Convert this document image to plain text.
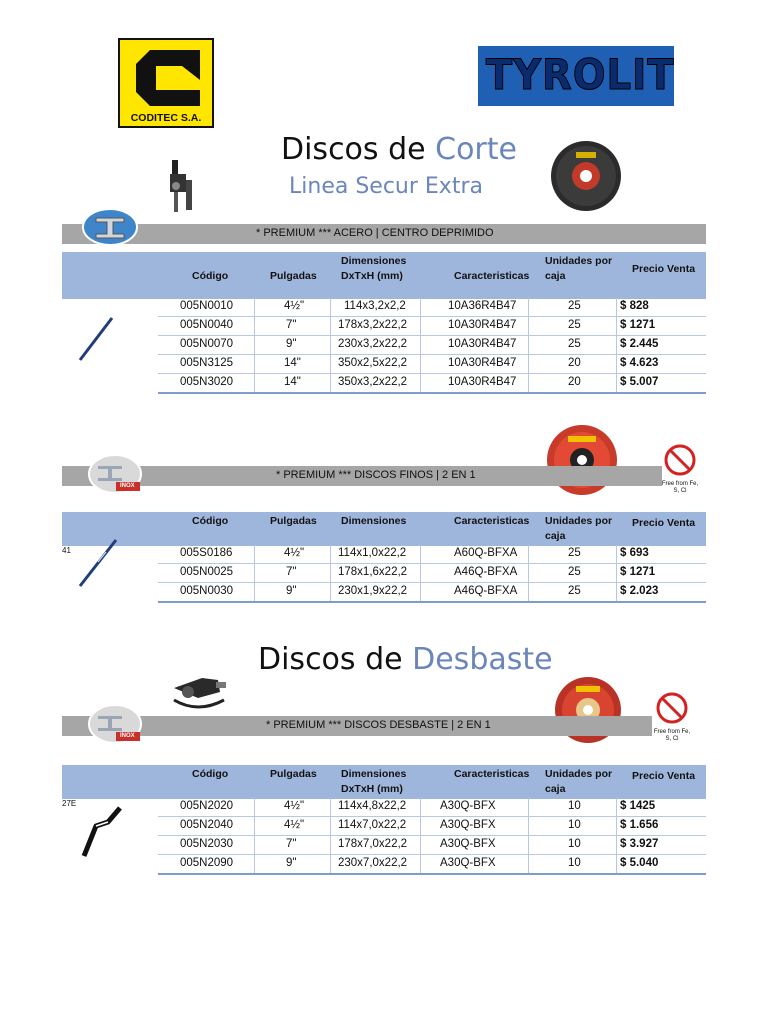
CODITEC S.A.
TYROLIT
Discos de Corte
Linea Secur Extra
* PREMIUM *** ACERO | CENTRO DEPRIMIDO
Código	Pulgadas
Dimensiones
DxTxH (mm)	Caracteristicas
Unidades por
caja
Precio Venta
005N0010	4½"	114x3,2x2,2	10A36R4B47	25	$ 828
005N0040	7"	178x3,2x22,2	10A30R4B47	25	$ 1271
005N0070	9"	230x3,2x22,2	10A30R4B47	25	$ 2.445
005N3125	14"	350x2,5x22,2	10A30R4B47	20	$ 4.623
005N3020	14"	350x3,2x22,2	10A30R4B47	20	$ 5.007
Free from Fe, S, Cl
* PREMIUM *** DISCOS FINOS | 2 EN 1
INOX
Código	Pulgadas Dimensiones	Caracteristicas Unidades por
caja
Precio Venta
41	005S0186	4½"	114x1,0x22,2	A60Q-BFXA	25	$ 693
005N0025	7"	178x1,6x22,2	A46Q-BFXA	25	$ 1271
005N0030	9"	230x1,9x22,2	A46Q-BFXA	25	$ 2.023
Discos de Desbaste
Free from Fe, S, Cl
* PREMIUM *** DISCOS DESBASTE | 2 EN 1
INOX
Código	Pulgadas Dimensiones
DxTxH (mm)
Caracteristicas Unidades por
caja
Precio Venta
27E	005N2020	4½"	114x4,8x22,2	A30Q-BFX	10	$ 1425
005N2040	4½"	114x7,0x22,2	A30Q-BFX	10	$ 1.656
005N2030	7"	178x7,0x22,2	A30Q-BFX	10	$ 3.927
005N2090	9"	230x7,0x22,2	A30Q-BFX	10	$ 5.040
